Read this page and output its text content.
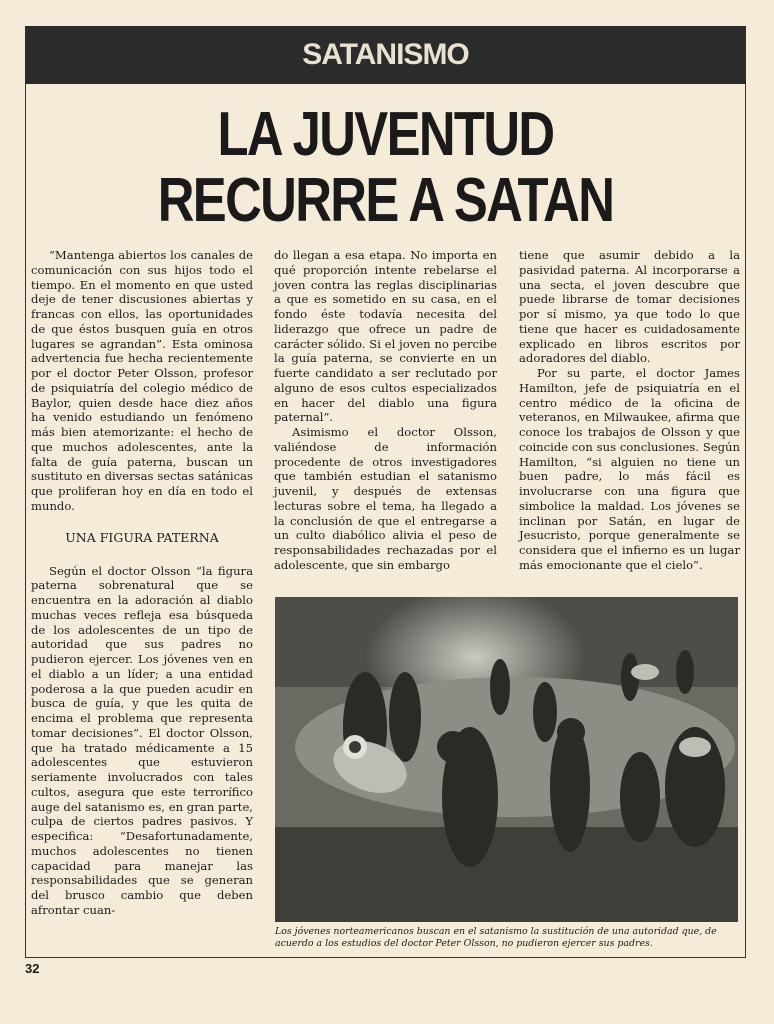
SATANISMO
LA JUVENTUD
RECURRE A SATAN

“Mantenga abiertos los canales de comunicación con sus hijos todo el tiempo. En el momento en que usted deje de tener discusiones abiertas y francas con ellos, las oportunidades de que éstos busquen guía en otros lugares se agrandan”. Esta ominosa advertencia fue hecha recientemente por el doctor Peter Olsson, profesor de psiquiatría del colegio médico de Baylor, quien desde hace diez años ha venido estudiando un fenómeno más bien atemorizante: el hecho de que muchos adolescentes, ante la falta de guía paterna, buscan un sustituto en diversas sectas satánicas que proliferan hoy en día en todo el mundo.

UNA FIGURA PATERNA

Según el doctor Olsson “la figura paterna sobrenatural que se encuentra en la adoración al diablo muchas veces refleja esa búsqueda de los adolescentes de un tipo de autoridad que sus padres no pudieron ejercer. Los jóvenes ven en el diablo a un líder; a una entidad poderosa a la que pueden acudir en busca de guía, y que les quita de encima el problema que representa tomar decisiones”. El doctor Olsson, que ha tratado médicamente a 15 adolescentes que estuvieron seriamente involucrados con tales cultos, asegura que este terrorífico auge del satanismo es, en gran parte, culpa de ciertos padres pasivos. Y especifica: “Desafortunadamente, muchos adolescentes no tienen capacidad para manejar las responsabilidades que se generan del brusco cambio que deben afrontar cuan-

do llegan a esa etapa. No importa en qué proporción intente rebelarse el joven contra las reglas disciplinarias a que es sometido en su casa, en el fondo éste todavía necesita del liderazgo que ofrece un padre de carácter sólido. Si el joven no percibe la guía paterna, se convierte en un fuerte candidato a ser reclutado por alguno de esos cultos especializados en hacer del diablo una figura paternal”.

Asimismo el doctor Olsson, valiéndose de información procedente de otros investigadores que también estudian el satanismo juvenil, y después de extensas lecturas sobre el tema, ha llegado a la conclusión de que el entregarse a un culto diabólico alivia el peso de responsabilidades rechazadas por el adolescente, que sin embargo

tiene que asumir debido a la pasividad paterna. Al incorporarse a una secta, el joven descubre que puede librarse de tomar decisiones por sí mismo, ya que todo lo que tiene que hacer es cuidadosamente explicado en libros escritos por adoradores del diablo.

Por su parte, el doctor James Hamilton, jefe de psiquiatría en el centro médico de la oficina de veteranos, en Milwaukee, afirma que conoce los trabajos de Olsson y que coincide con sus conclusiones. Según Hamilton, “si alguien no tiene un buen padre, lo más fácil es involucrarse con una figura que simbolice la maldad. Los jóvenes se inclinan por Satán, en lugar de Jesucristo, porque generalmente se considera que el infierno es un lugar más emocionante que el cielo”.

Los jóvenes norteamericanos buscan en el satanismo la sustitución de una autoridad que, de acuerdo a los estudios del doctor Peter Olsson, no pudieron ejercer sus padres.
32
